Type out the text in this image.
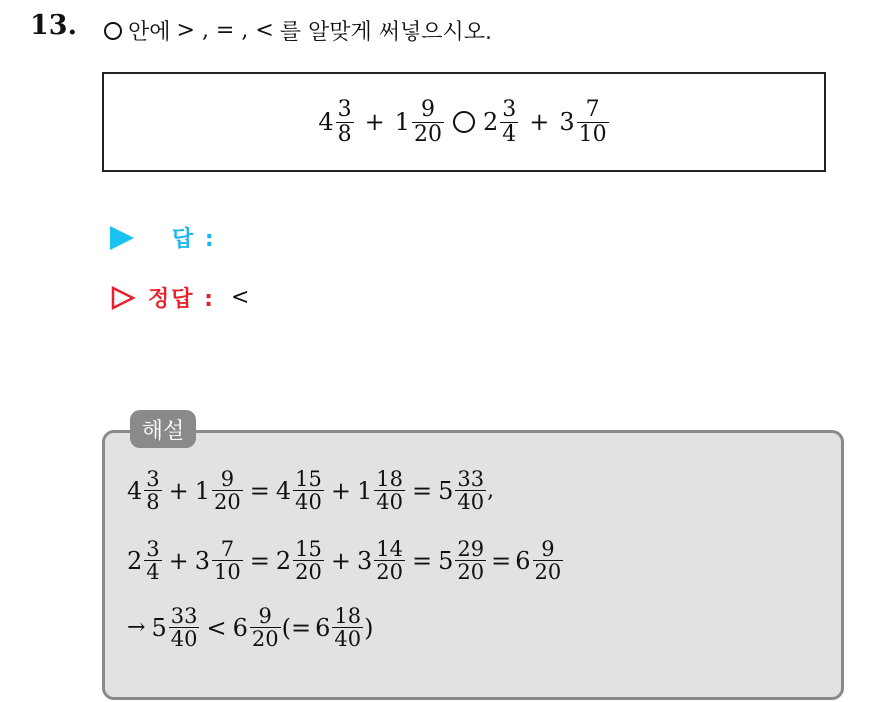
13. 안에 > , = , < 를 알맞게 써넣으시오.
$4 \frac{3}{8} + 1 \frac{9}{20} 2 \frac{3}{4} + 3 \frac{7}{10}$
답 :
정답 : <
해설
$4 \frac{3}{8} + 1 \frac{9}{20} = 4 \frac{15}{40} + 1 \frac{18}{40} = 5 \frac{33}{40}$ ,
$2 \frac{3}{4} + 3 \frac{7}{10} = 2 \frac{15}{20} + 3 \frac{14}{20} = 5 \frac{29}{20} = 6 \frac{9}{20}$
→ $5 \frac{33}{40} < 6 \frac{9}{20}$ (= $6 \frac{18}{40}$ )
